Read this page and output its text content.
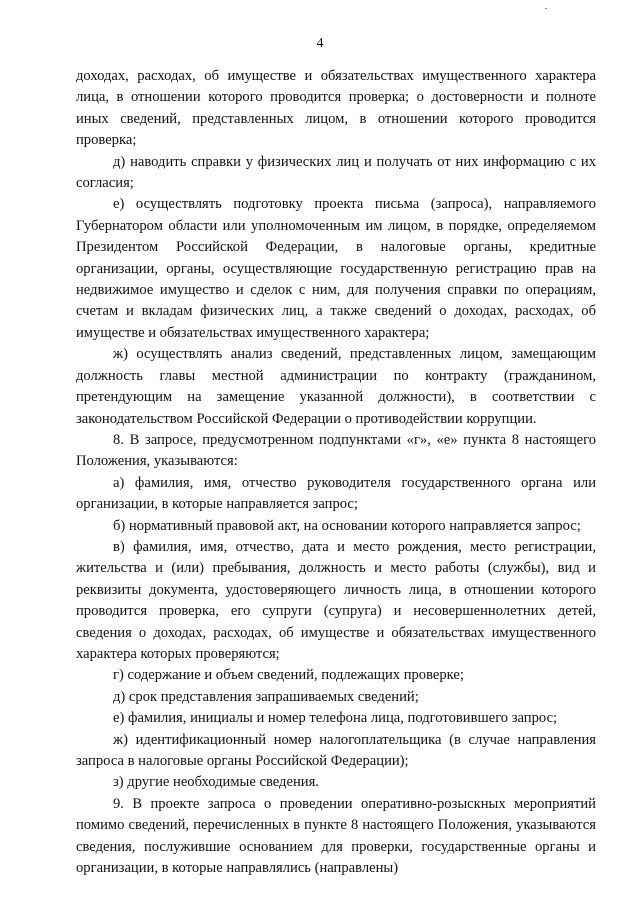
4

доходах, расходах, об имуществе и обязательствах имущественного характера лица, в отношении которого проводится проверка; о достоверности и полноте иных сведений, представленных лицом, в отношении которого проводится проверка;

д) наводить справки у физических лиц и получать от них информацию с их согласия;

е) осуществлять подготовку проекта письма (запроса), направляемого Губернатором области или уполномоченным им лицом, в порядке, определяемом Президентом Российской Федерации, в налоговые органы, кредитные организации, органы, осуществляющие государственную регистрацию прав на недвижимое имущество и сделок с ним, для получения справки по операциям, счетам и вкладам физических лиц, а также сведений о доходах, расходах, об имуществе и обязательствах имущественного характера;

ж) осуществлять анализ сведений, представленных лицом, замещающим должность главы местной администрации по контракту (гражданином, претендующим на замещение указанной должности), в соответствии с законодательством Российской Федерации о противодействии коррупции.

8. В запросе, предусмотренном подпунктами «г», «е» пункта 8 настоящего Положения, указываются:

а) фамилия, имя, отчество руководителя государственного органа или организации, в которые направляется запрос;

б) нормативный правовой акт, на основании которого направляется запрос;

в) фамилия, имя, отчество, дата и место рождения, место регистрации, жительства и (или) пребывания, должность и место работы (службы), вид и реквизиты документа, удостоверяющего личность лица, в отношении которого проводится проверка, его супруги (супруга) и несовершеннолетних детей, сведения о доходах, расходах, об имуществе и обязательствах имущественного характера которых проверяются;

г) содержание и объем сведений, подлежащих проверке;

д) срок представления запрашиваемых сведений;

е) фамилия, инициалы и номер телефона лица, подготовившего запрос;

ж) идентификационный номер налогоплательщика (в случае направления запроса в налоговые органы Российской Федерации);

з) другие необходимые сведения.

9. В проекте запроса о проведении оперативно-розыскных мероприятий помимо сведений, перечисленных в пункте 8 настоящего Положения, указываются сведения, послужившие основанием для проверки, государственные органы и организации, в которые направлялись (направлены)
